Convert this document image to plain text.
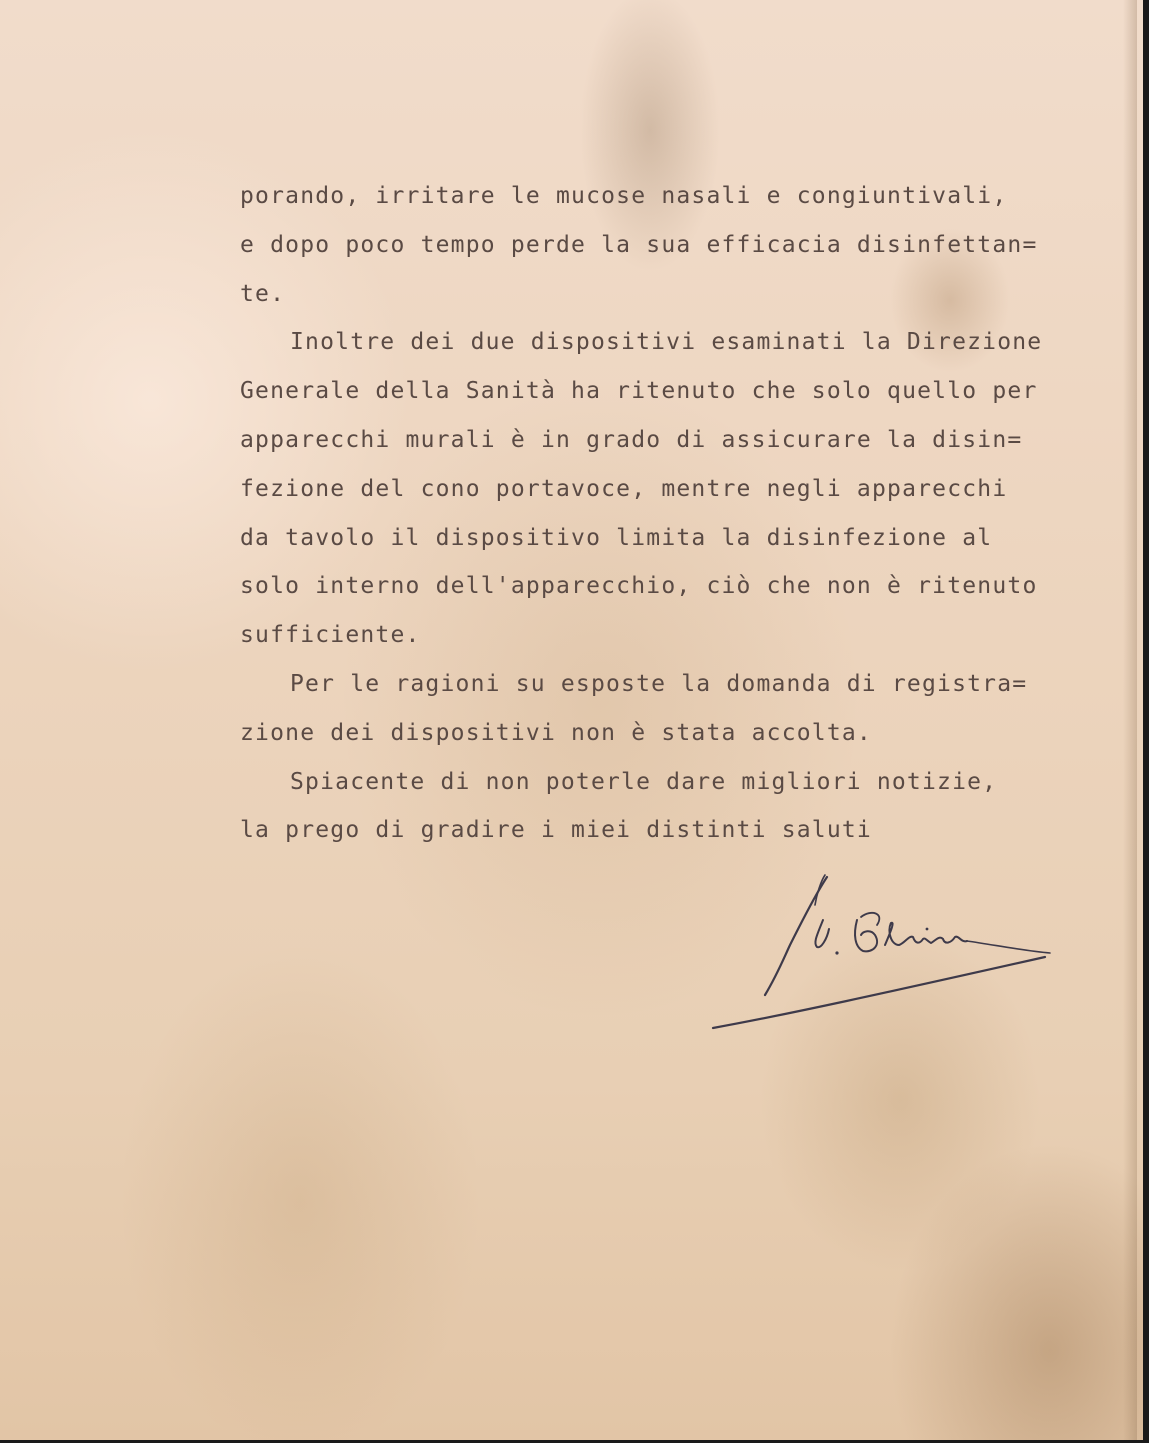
porando, irritare le mucose nasali e congiuntivali,
e dopo poco tempo perde la sua efficacia disinfettan=
te.
Inoltre dei due dispositivi esaminati la Direzione
Generale della Sanità ha ritenuto che solo quello per
apparecchi murali è in grado di assicurare la disin=
fezione del cono portavoce, mentre negli apparecchi
da tavolo il dispositivo limita la disinfezione al
solo interno dell'apparecchio, ciò che non è ritenuto
sufficiente.
Per le ragioni su esposte la domanda di registra=
zione dei dispositivi non è stata accolta.
Spiacente di non poterle dare migliori notizie,
la prego di gradire i miei distinti saluti
